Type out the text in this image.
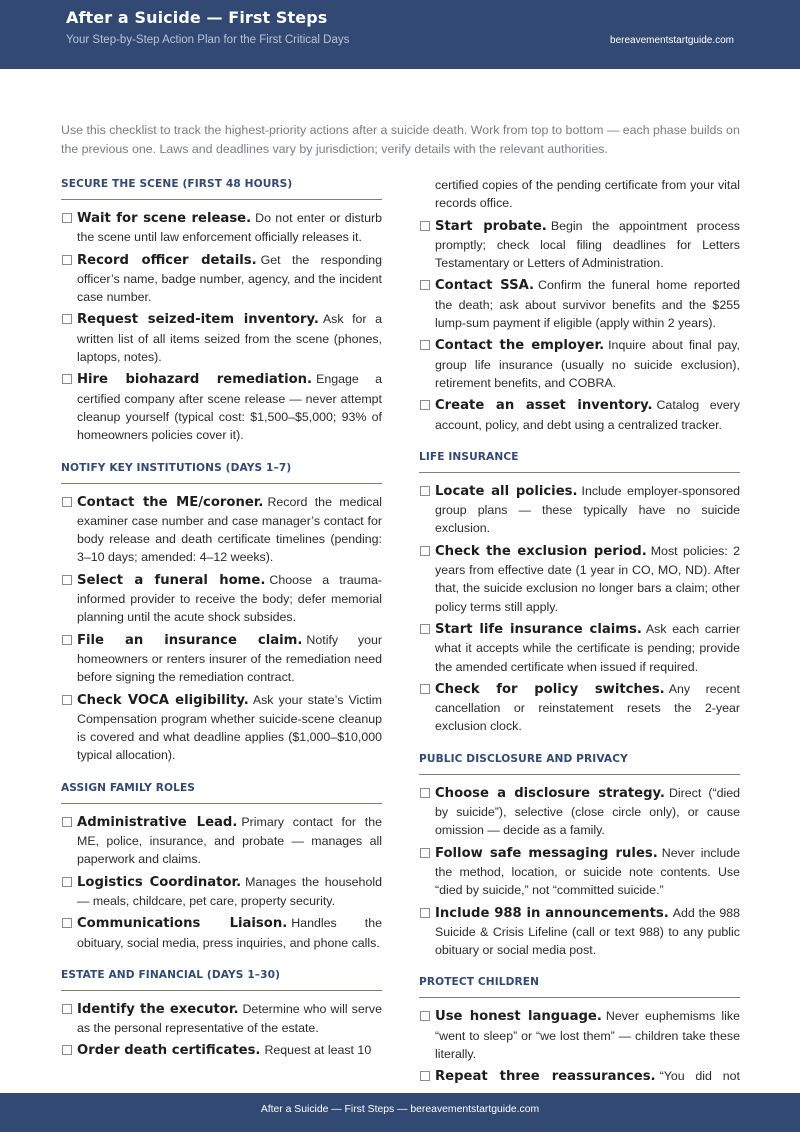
After a Suicide — First Steps
Your Step-by-Step Action Plan for the First Critical Days	bereavementstartguide.com
Use this checklist to track the highest-priority actions after a suicide death. Work from top to bottom — each phase builds on the previous one. Laws and deadlines vary by jurisdiction; verify details with the relevant authorities.
SECURE THE SCENE (FIRST 48 HOURS)
Wait for scene release. Do not enter or disturb the scene until law enforcement officially releases it.
Record officer details. Get the responding officer’s name, badge number, agency, and the incident case number.
Request seized-item inventory. Ask for a written list of all items seized from the scene (phones, laptops, notes).
Hire biohazard remediation. Engage a certified company after scene release — never attempt cleanup yourself (typical cost: $1,500–$5,000; 93% of homeowners policies cover it).
NOTIFY KEY INSTITUTIONS (DAYS 1–7)
Contact the ME/coroner. Record the medical examiner case number and case manager’s contact for body release and death certificate timelines (pending: 3–10 days; amended: 4–12 weeks).
Select a funeral home. Choose a trauma-informed provider to receive the body; defer memorial planning until the acute shock subsides.
File an insurance claim. Notify your homeowners or renters insurer of the remediation need before signing the remediation contract.
Check VOCA eligibility. Ask your state’s Victim Compensation program whether suicide-scene cleanup is covered and what deadline applies ($1,000–$10,000 typical allocation).
ASSIGN FAMILY ROLES
Administrative Lead. Primary contact for the ME, police, insurance, and probate — manages all paperwork and claims.
Logistics Coordinator. Manages the household — meals, childcare, pet care, property security.
Communications Liaison. Handles the obituary, social media, press inquiries, and phone calls.
ESTATE AND FINANCIAL (DAYS 1–30)
Identify the executor. Determine who will serve as the personal representative of the estate.
Order death certificates. Request at least 10
certified copies of the pending certificate from your vital records office.
Start probate. Begin the appointment process promptly; check local filing deadlines for Letters Testamentary or Letters of Administration.
Contact SSA. Confirm the funeral home reported the death; ask about survivor benefits and the $255 lump-sum payment if eligible (apply within 2 years).
Contact the employer. Inquire about final pay, group life insurance (usually no suicide exclusion), retirement benefits, and COBRA.
Create an asset inventory. Catalog every account, policy, and debt using a centralized tracker.
LIFE INSURANCE
Locate all policies. Include employer-sponsored group plans — these typically have no suicide exclusion.
Check the exclusion period. Most policies: 2 years from effective date (1 year in CO, MO, ND). After that, the suicide exclusion no longer bars a claim; other policy terms still apply.
Start life insurance claims. Ask each carrier what it accepts while the certificate is pending; provide the amended certificate when issued if required.
Check for policy switches. Any recent cancellation or reinstatement resets the 2-year exclusion clock.
PUBLIC DISCLOSURE AND PRIVACY
Choose a disclosure strategy. Direct (“died by suicide”), selective (close circle only), or cause omission — decide as a family.
Follow safe messaging rules. Never include the method, location, or suicide note contents. Use “died by suicide,” not “committed suicide.”
Include 988 in announcements. Add the 988 Suicide & Crisis Lifeline (call or text 988) to any public obituary or social media post.
PROTECT CHILDREN
Use honest language. Never euphemisms like “went to sleep” or “we lost them” — children take these literally.
Repeat three reassurances. “You did not
After a Suicide — First Steps — bereavementstartguide.com
